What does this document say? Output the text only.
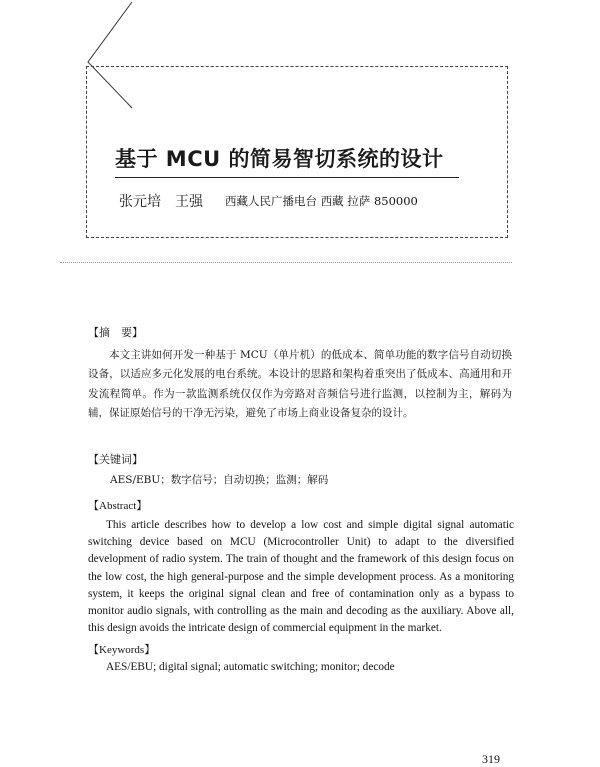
基于 MCU 的简易智切系统的设计
张元培　王强 西藏人民广播电台 西藏 拉萨 850000
【摘　要】

本文主讲如何开发一种基于 MCU（单片机）的低成本、简单功能的数字信号自动切换设备，以适应多元化发展的电台系统。本设计的思路和架构着重突出了低成本、高通用和开发流程简单。作为一款监测系统仅仅作为旁路对音频信号进行监测，以控制为主，解码为辅，保证原始信号的干净无污染，避免了市场上商业设备复杂的设计。

【关键词】
AES/EBU；数字信号；自动切换；监测；解码
【Abstract】

This article describes how to develop a low cost and simple digital signal automatic switching device based on MCU (Microcontroller Unit) to adapt to the diversified development of radio system. The train of thought and the framework of this design focus on the low cost, the high general-purpose and the simple development process. As a monitoring system, it keeps the original signal clean and free of contamination only as a bypass to monitor audio signals, with controlling as the main and decoding as the auxiliary. Above all, this design avoids the intricate design of commercial equipment in the market.

【Keywords】
AES/EBU; digital signal; automatic switching; monitor; decode
319
